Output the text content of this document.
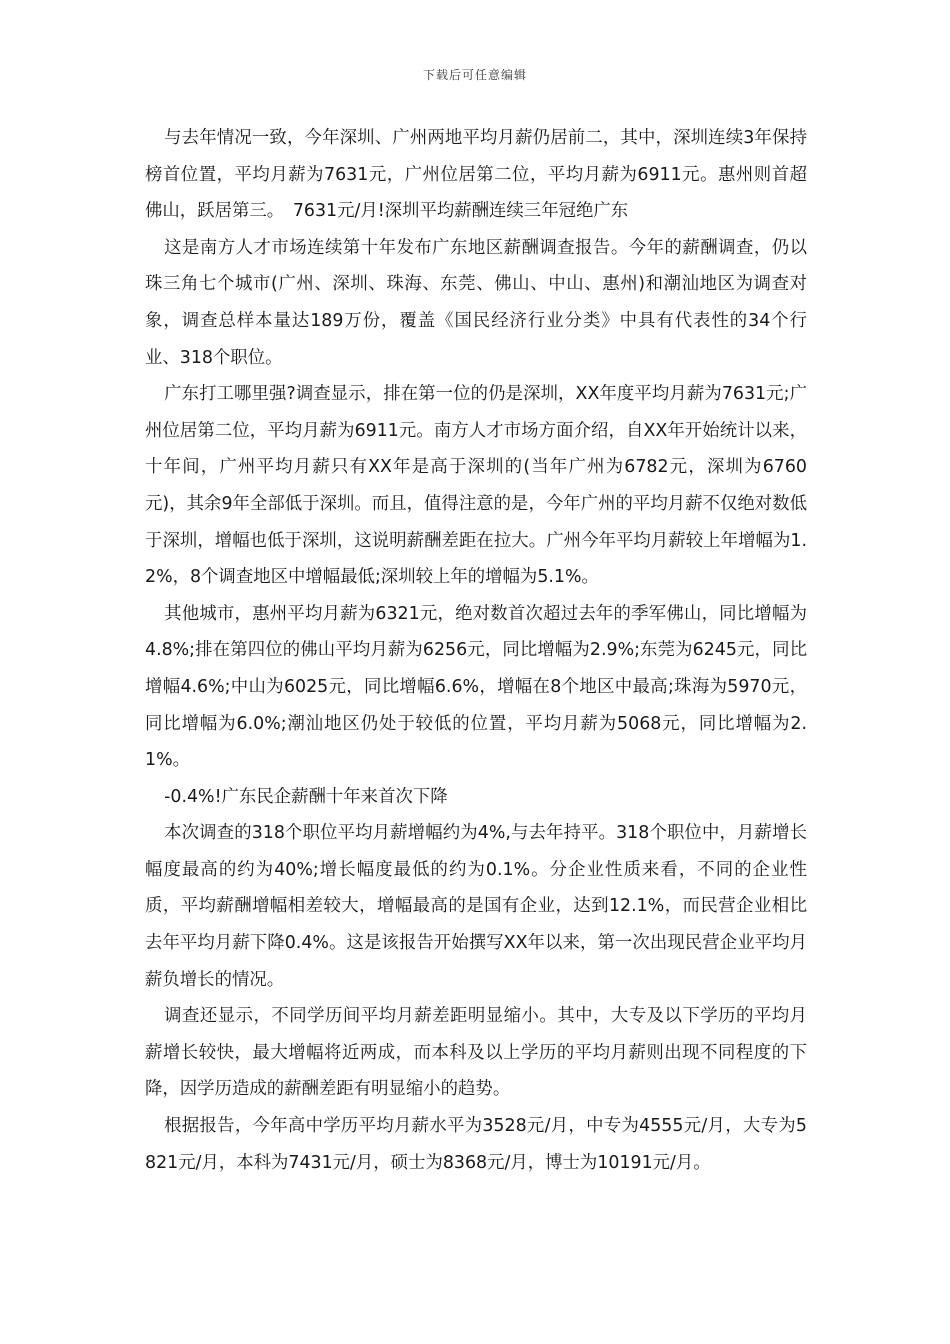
下载后可任意编辑

与去年情况一致，今年深圳、广州两地平均月薪仍居前二，其中，深圳连续3年保持榜首位置，平均月薪为7631元，广州位居第二位，平均月薪为6911元。惠州则首超佛山，跃居第三。　7631元/月!深圳平均薪酬连续三年冠绝广东

这是南方人才市场连续第十年发布广东地区薪酬调查报告。今年的薪酬调查，仍以珠三角七个城市(广州、深圳、珠海、东莞、佛山、中山、惠州)和潮汕地区为调查对象，调查总样本量达189万份，覆盖《国民经济行业分类》中具有代表性的34个行业、318个职位。

广东打工哪里强?调查显示，排在第一位的仍是深圳，XX年度平均月薪为7631元;广州位居第二位，平均月薪为6911元。南方人才市场方面介绍，自XX年开始统计以来，十年间，广州平均月薪只有XX年是高于深圳的(当年广州为6782元，深圳为6760元)，其余9年全部低于深圳。而且，值得注意的是，今年广州的平均月薪不仅绝对数低于深圳，增幅也低于深圳，这说明薪酬差距在拉大。广州今年平均月薪较上年增幅为1.2%，8个调查地区中增幅最低;深圳较上年的增幅为5.1%。

其他城市，惠州平均月薪为6321元，绝对数首次超过去年的季军佛山，同比增幅为4.8%;排在第四位的佛山平均月薪为6256元，同比增幅为2.9%;东莞为6245元，同比增幅4.6%;中山为6025元，同比增幅6.6%，增幅在8个地区中最高;珠海为5970元，同比增幅为6.0%;潮汕地区仍处于较低的位置，平均月薪为5068元，同比增幅为2.1%。

-0.4%!广东民企薪酬十年来首次下降

本次调查的318个职位平均月薪增幅约为4%,与去年持平。318个职位中，月薪增长幅度最高的约为40%;增长幅度最低的约为0.1%。分企业性质来看，不同的企业性质，平均薪酬增幅相差较大，增幅最高的是国有企业，达到12.1%，而民营企业相比去年平均月薪下降0.4%。这是该报告开始撰写XX年以来，第一次出现民营企业平均月薪负增长的情况。

调查还显示，不同学历间平均月薪差距明显缩小。其中，大专及以下学历的平均月薪增长较快，最大增幅将近两成，而本科及以上学历的平均月薪则出现不同程度的下降，因学历造成的薪酬差距有明显缩小的趋势。

根据报告，今年高中学历平均月薪水平为3528元/月，中专为4555元/月，大专为5821元/月，本科为7431元/月，硕士为8368元/月，博士为10191元/月。
